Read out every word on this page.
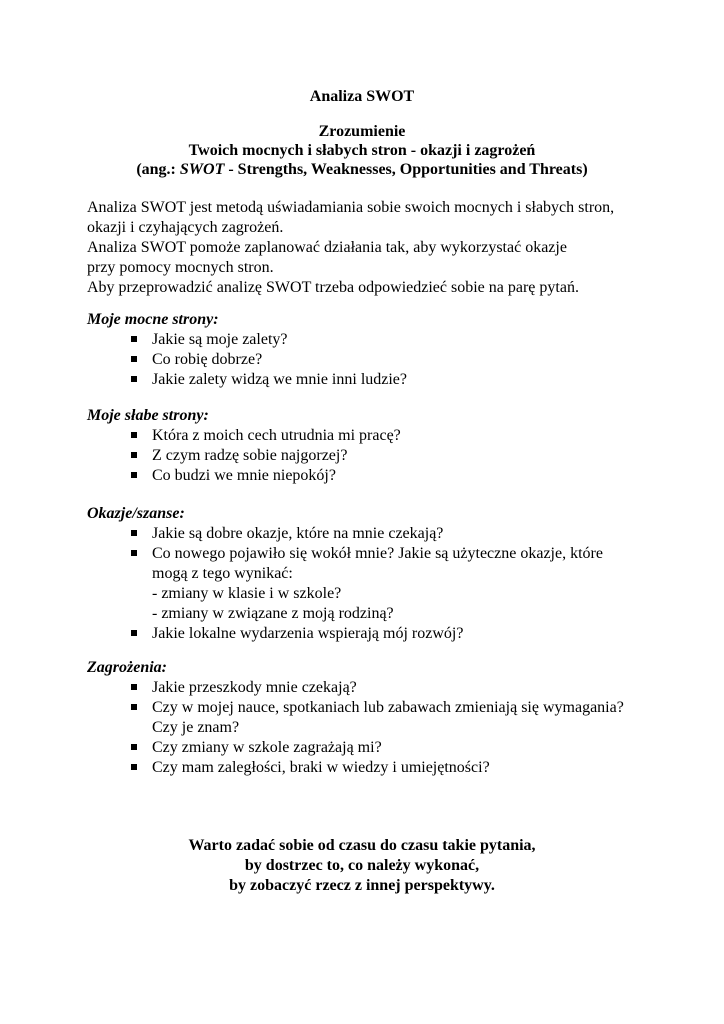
Analiza SWOT
Zrozumienie
Twoich mocnych i słabych stron - okazji i zagrożeń
(ang.: SWOT - Strengths, Weaknesses, Opportunities and Threats)
Analiza SWOT jest metodą uświadamiania sobie swoich mocnych i słabych stron,
okazji i czyhających zagrożeń.
Analiza SWOT pomoże zaplanować działania tak, aby wykorzystać okazje
przy pomocy mocnych stron.
Aby przeprowadzić analizę SWOT trzeba odpowiedzieć sobie na parę pytań.
Moje mocne strony:
Jakie są moje zalety?
Co robię dobrze?
Jakie zalety widzą we mnie inni ludzie?
Moje słabe strony:
Która z moich cech utrudnia mi pracę?
Z czym radzę sobie najgorzej?
Co budzi we mnie niepokój?
Okazje/szanse:
Jakie są dobre okazje, które na mnie czekają?
Co nowego pojawiło się wokół mnie? Jakie są użyteczne okazje, które
mogą z tego wynikać:
- zmiany w klasie i w szkole?
- zmiany w związane z moją rodziną?
Jakie lokalne wydarzenia wspierają mój rozwój?
Zagrożenia:
Jakie przeszkody mnie czekają?
Czy w mojej nauce, spotkaniach lub zabawach zmieniają się wymagania?
Czy je znam?
Czy zmiany w szkole zagrażają mi?
Czy mam zaległości, braki w wiedzy i umiejętności?
Warto zadać sobie od czasu do czasu takie pytania,
by dostrzec to, co należy wykonać,
by zobaczyć rzecz z innej perspektywy.
